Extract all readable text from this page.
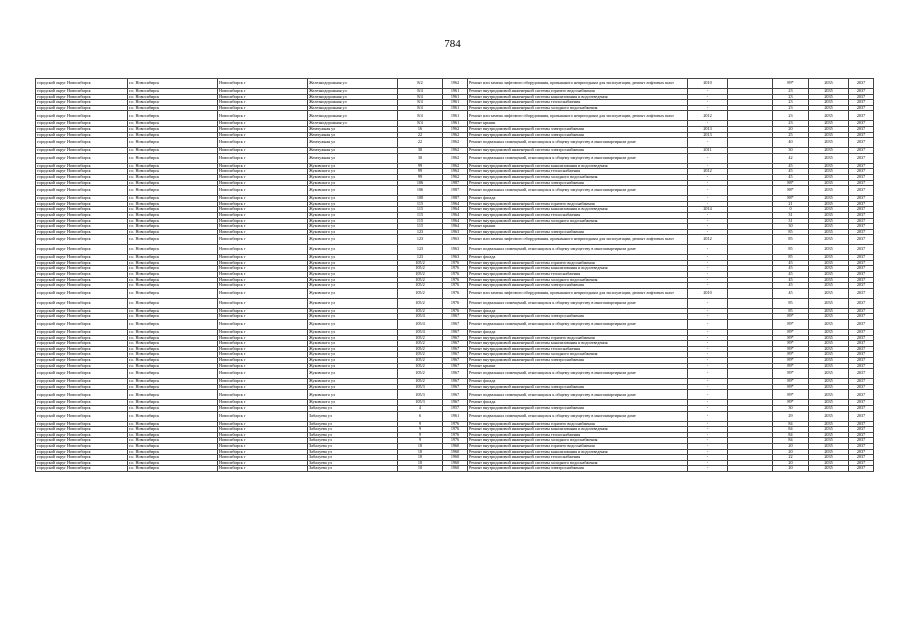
784
городской округ Новосибирск	г.о. Новосибирск	Новосибирск г	Железнодорожная ул	8/2	1962	Ремонт или замена лифтового оборудования, признанного непригодным для эксплуатации, ремонт лифтовых шахт	2010		89*	2035	2037
городской округ Новосибирск	г.о. Новосибирск	Новосибирск г	Железнодорожная ул	8/4	1961	Ремонт внутридомовой инженерной системы горячего водоснабжения	-		23	2035	2037
городской округ Новосибирск	г.о. Новосибирск	Новосибирск г	Железнодорожная ул	8/4	1961	Ремонт внутридомовой инженерной системы канализования и водоотведения	-		23	2035	2037
городской округ Новосибирск	г.о. Новосибирск	Новосибирск г	Железнодорожная ул	8/4	1961	Ремонт внутридомовой инженерной системы теплоснабжения	-		23	2035	2037
городской округ Новосибирск	г.о. Новосибирск	Новосибирск г	Железнодорожная ул	8/4	1961	Ремонт внутридомовой инженерной системы холодного водоснабжения	-		23	2035	2037
городской округ Новосибирск	г.о. Новосибирск	Новосибирск г	Железнодорожная ул	8/4	1961	Ремонт или замена лифтового оборудования, признанного непригодным для эксплуатации, ремонт лифтовых шахт	2012		23	2035	2037
городской округ Новосибирск	г.о. Новосибирск	Новосибирск г	Железнодорожная ул	8/4	1961	Ремонт крыши	-		23	2035	2037
городской округ Новосибирск	г.о. Новосибирск	Новосибирск г	Жемчужная ул	16	1962	Ремонт внутридомовой инженерной системы электроснабжения	2013		20	2035	2037
городской округ Новосибирск	г.о. Новосибирск	Новосибирск г	Жемчужная ул	22	1962	Ремонт внутридомовой инженерной системы электроснабжения	2013		25	2035	2037
городской округ Новосибирск	г.о. Новосибирск	Новосибирск г	Жемчужная ул	22	1962	Ремонт подвальных помещений, относящихся к общему имуществу в многоквартирном доме	-		40	2035	2037
городской округ Новосибирск	г.о. Новосибирск	Новосибирск г	Жемчужная ул	30	1962	Ремонт внутридомовой инженерной системы электроснабжения	2011		30	2035	2037
городской округ Новосибирск	г.о. Новосибирск	Новосибирск г	Жемчужная ул	30	1962	Ремонт подвальных помещений, относящихся к общему имуществу в многоквартирном доме	-		42	2035	2037
городской округ Новосибирск	г.о. Новосибирск	Новосибирск г	Жуковского ул	99	1962	Ремонт внутридомовой инженерной системы канализования и водоотведения	-		45	2035	2037
городской округ Новосибирск	г.о. Новосибирск	Новосибирск г	Жуковского ул	99	1962	Ремонт внутридомовой инженерной системы теплоснабжения	2012		45	2035	2037
городской округ Новосибирск	г.о. Новосибирск	Новосибирск г	Жуковского ул	99	1962	Ремонт внутридомовой инженерной системы холодного водоснабжения	-		45	2035	2037
городской округ Новосибирск	г.о. Новосибирск	Новосибирск г	Жуковского ул	106	1987	Ремонт внутридомовой инженерной системы электроснабжения	-		88*	2035	2037
городской округ Новосибирск	г.о. Новосибирск	Новосибирск г	Жуковского ул	106	1987	Ремонт подвальных помещений, относящихся к общему имуществу в многоквартирном доме	-		88*	2035	2037
городской округ Новосибирск	г.о. Новосибирск	Новосибирск г	Жуковского ул	108	1987	Ремонт фасада	-		88*	2035	2037
городской округ Новосибирск	г.о. Новосибирск	Новосибирск г	Жуковского ул	115	1964	Ремонт внутридомовой инженерной системы горячего водоснабжения	-		21	2035	2037
городской округ Новосибирск	г.о. Новосибирск	Новосибирск г	Жуковского ул	115	1964	Ремонт внутридомовой инженерной системы канализования и водоотведения	2014		0	2035	2037
городской округ Новосибирск	г.о. Новосибирск	Новосибирск г	Жуковского ул	115	1964	Ремонт внутридомовой инженерной системы теплоснабжения	-		31	2035	2037
городской округ Новосибирск	г.о. Новосибирск	Новосибирск г	Жуковского ул	115	1964	Ремонт внутридомовой инженерной системы холодного водоснабжения	-		31	2035	2037
городской округ Новосибирск	г.о. Новосибирск	Новосибирск г	Жуковского ул	115	1964	Ремонт крыши	-		30	2035	2037
городской округ Новосибирск	г.о. Новосибирск	Новосибирск г	Жуковского ул	123	1963	Ремонт внутридомовой инженерной системы электроснабжения	-		85	2035	2037
городской округ Новосибирск	г.о. Новосибирск	Новосибирск г	Жуковского ул	123	1963	Ремонт или замена лифтового оборудования, признанного непригодным для эксплуатации, ремонт лифтовых шахт	2012		85	2035	2037
городской округ Новосибирск	г.о. Новосибирск	Новосибирск г	Жуковского ул	123	1963	Ремонт подвальных помещений, относящихся к общему имуществу в многоквартирном доме	-		85	2035	2037
городской округ Новосибирск	г.о. Новосибирск	Новосибирск г	Жуковского ул	123	1963	Ремонт фасада	-		85	2035	2037
городской округ Новосибирск	г.о. Новосибирск	Новосибирск г	Жуковского ул	105/2	1976	Ремонт внутридомовой инженерной системы горячего водоснабжения	-		45	2035	2037
городской округ Новосибирск	г.о. Новосибирск	Новосибирск г	Жуковского ул	105/2	1976	Ремонт внутридомовой инженерной системы канализования и водоотведения	-		45	2035	2037
городской округ Новосибирск	г.о. Новосибирск	Новосибирск г	Жуковского ул	105/2	1976	Ремонт внутридомовой инженерной системы теплоснабжения	-		45	2035	2037
городской округ Новосибирск	г.о. Новосибирск	Новосибирск г	Жуковского ул	105/2	1976	Ремонт внутридомовой инженерной системы холодного водоснабжения	-		45	2035	2037
городской округ Новосибирск	г.о. Новосибирск	Новосибирск г	Жуковского ул	105/2	1976	Ремонт внутридомовой инженерной системы электроснабжения	-		45	2035	2037
городской округ Новосибирск	г.о. Новосибирск	Новосибирск г	Жуковского ул	105/2	1976	Ремонт или замена лифтового оборудования, признанного непригодным для эксплуатации, ремонт лифтовых шахт	2010		45	2035	2037
городской округ Новосибирск	г.о. Новосибирск	Новосибирск г	Жуковского ул	105/2	1976	Ремонт подвальных помещений, относящихся к общему имуществу в многоквартирном доме	-		85	2035	2037
городской округ Новосибирск	г.о. Новосибирск	Новосибирск г	Жуковского ул	105/2	1976	Ремонт фасада	-		85	2035	2037
городской округ Новосибирск	г.о. Новосибирск	Новосибирск г	Жуковского ул	105/4	1967	Ремонт внутридомовой инженерной системы электроснабжения	-		89*	2035	2037
городской округ Новосибирск	г.о. Новосибирск	Новосибирск г	Жуковского ул	105/4	1967	Ремонт подвальных помещений, относящихся к общему имуществу в многоквартирном доме	-		89*	2035	2037
городской округ Новосибирск	г.о. Новосибирск	Новосибирск г	Жуковского ул	105/4	1967	Ремонт фасада	-		89*	2035	2037
городской округ Новосибирск	г.о. Новосибирск	Новосибирск г	Жуковского ул	105/2	1967	Ремонт внутридомовой инженерной системы горячего водоснабжения	-		89*	2035	2037
городской округ Новосибирск	г.о. Новосибирск	Новосибирск г	Жуковского ул	105/2	1967	Ремонт внутридомовой инженерной системы канализования и водоотведения	-		89*	2035	2037
городской округ Новосибирск	г.о. Новосибирск	Новосибирск г	Жуковского ул	105/2	1967	Ремонт внутридомовой инженерной системы теплоснабжения	-		89*	2035	2037
городской округ Новосибирск	г.о. Новосибирск	Новосибирск г	Жуковского ул	105/2	1967	Ремонт внутридомовой инженерной системы холодного водоснабжения	-		89*	2035	2037
городской округ Новосибирск	г.о. Новосибирск	Новосибирск г	Жуковского ул	105/2	1967	Ремонт внутридомовой инженерной системы электроснабжения	-		89*	2035	2037
городской округ Новосибирск	г.о. Новосибирск	Новосибирск г	Жуковского ул	105/2	1967	Ремонт крыши	-		89*	2035	2037
городской округ Новосибирск	г.о. Новосибирск	Новосибирск г	Жуковского ул	105/2	1967	Ремонт подвальных помещений, относящихся к общему имуществу в многоквартирном доме	-		89*	2035	2037
городской округ Новосибирск	г.о. Новосибирск	Новосибирск г	Жуковского ул	105/2	1967	Ремонт фасада	-		89*	2035	2037
городской округ Новосибирск	г.о. Новосибирск	Новосибирск г	Жуковского ул	105/3	1967	Ремонт внутридомовой инженерной системы электроснабжения	-		89*	2035	2037
городской округ Новосибирск	г.о. Новосибирск	Новосибирск г	Жуковского ул	105/3	1967	Ремонт подвальных помещений, относящихся к общему имуществу в многоквартирном доме	-		89*	2035	2037
городской округ Новосибирск	г.о. Новосибирск	Новосибирск г	Жуковского ул	105/3	1967	Ремонт фасада	-		89*	2035	2037
городской округ Новосибирск	г.о. Новосибирск	Новосибирск г	Забалуева ул	4	1957	Ремонт внутридомовой инженерной системы электроснабжения	-		30	2035	2037
городской округ Новосибирск	г.о. Новосибирск	Новосибирск г	Забалуева ул	6	1961	Ремонт подвальных помещений, относящихся к общему имуществу в многоквартирном доме	-		29	2035	2037
городской округ Новосибирск	г.о. Новосибирск	Новосибирск г	Забалуева ул	9	1976	Ремонт внутридомовой инженерной системы горячего водоснабжения	-		84	2035	2037
городской округ Новосибирск	г.о. Новосибирск	Новосибирск г	Забалуева ул	9	1976	Ремонт внутридомовой инженерной системы канализования и водоотведения	-		84	2035	2037
городской округ Новосибирск	г.о. Новосибирск	Новосибирск г	Забалуева ул	9	1976	Ремонт внутридомовой инженерной системы теплоснабжения	-		84	2035	2037
городской округ Новосибирск	г.о. Новосибирск	Новосибирск г	Забалуева ул	9	1976	Ремонт внутридомовой инженерной системы холодного водоснабжения	-		84	2035	2037
городской округ Новосибирск	г.о. Новосибирск	Новосибирск г	Забалуева ул	10	1960	Ремонт внутридомовой инженерной системы горячего водоснабжения	-		20	2035	2037
городской округ Новосибирск	г.о. Новосибирск	Новосибирск г	Забалуева ул	10	1960	Ремонт внутридомовой инженерной системы канализования и водоотведения	-		20	2035	2037
городской округ Новосибирск	г.о. Новосибирск	Новосибирск г	Забалуева ул	10	1960	Ремонт внутридомовой инженерной системы теплоснабжения	-		22	2035	2037
городской округ Новосибирск	г.о. Новосибирск	Новосибирск г	Забалуева ул	10	1960	Ремонт внутридомовой инженерной системы холодного водоснабжения	-		20	2035	2037
городской округ Новосибирск	г.о. Новосибирск	Новосибирск г	Забалуева ул	10	1960	Ремонт внутридомовой инженерной системы электроснабжения	-		20	2035	2037
